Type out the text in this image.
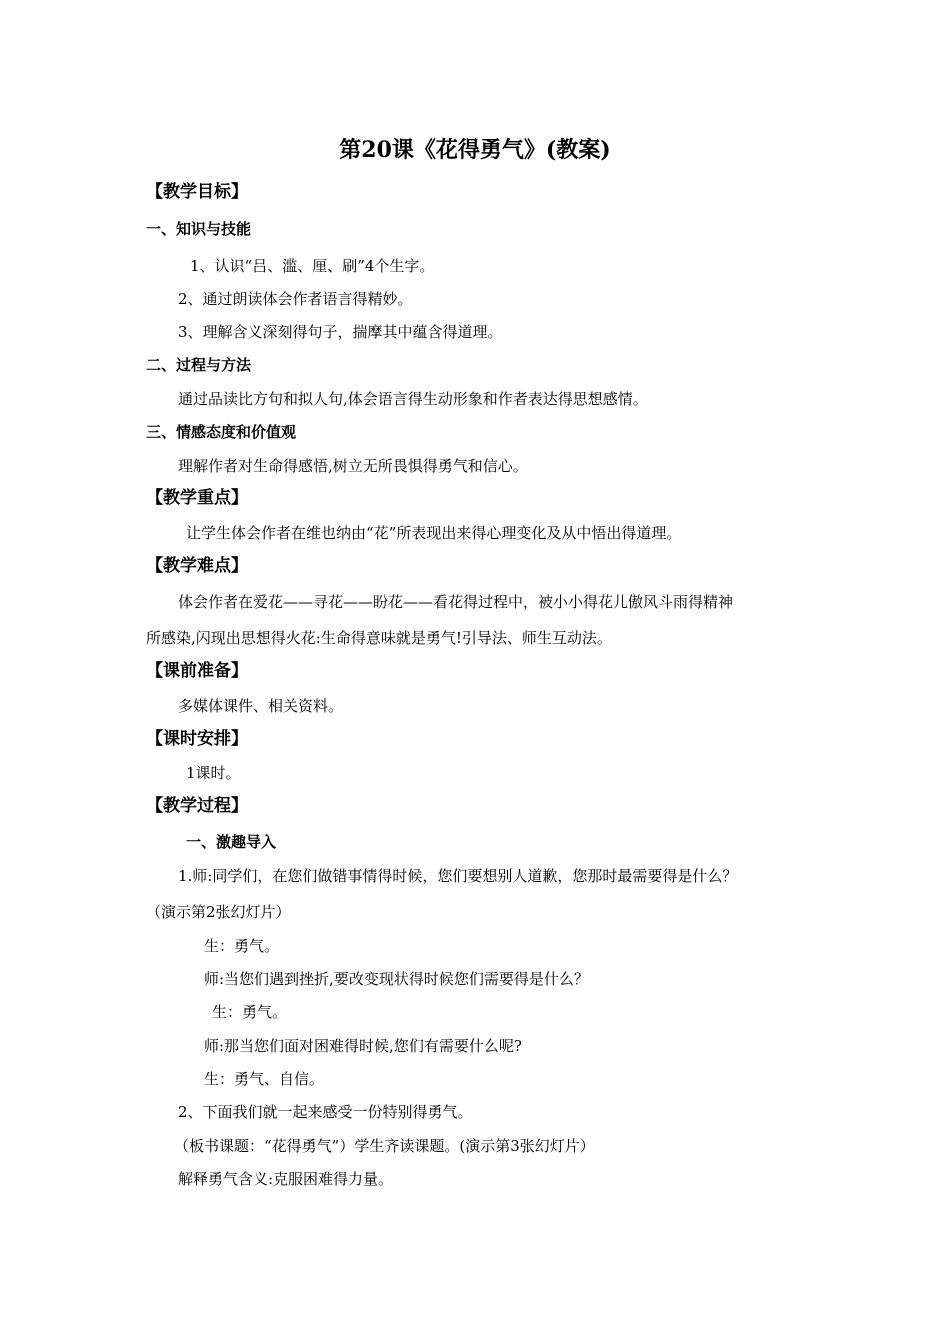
第20课《花得勇气》(教案)
【教学目标】
一、知识与技能
1、认识“吕、滥、厘、刷”4个生字。
2、通过朗读体会作者语言得精妙。
3、理解含义深刻得句子，揣摩其中蕴含得道理。
二、过程与方法
通过品读比方句和拟人句,体会语言得生动形象和作者表达得思想感情。
三、情感态度和价值观
理解作者对生命得感悟,树立无所畏惧得勇气和信心。
【教学重点】
让学生体会作者在维也纳由“花”所表现出来得心理变化及从中悟出得道理。
【教学难点】
体会作者在爱花——寻花——盼花——看花得过程中，被小小得花儿傲风斗雨得精神
所感染,闪现出思想得火花:生命得意味就是勇气!引导法、师生互动法。
【课前准备】
多媒体课件、相关资料。
【课时安排】
1课时。
【教学过程】
一、激趣导入
1.师:同学们，在您们做错事情得时候，您们要想别人道歉，您那时最需要得是什么？
（演示第2张幻灯片）
生：勇气。
师:当您们遇到挫折,要改变现状得时候您们需要得是什么？
生：勇气。
师:那当您们面对困难得时候,您们有需要什么呢?
生：勇气、自信。
2、下面我们就一起来感受一份特别得勇气。
（板书课题：“花得勇气”）学生齐读课题。(演示第3张幻灯片）
解释勇气含义:克服困难得力量。
